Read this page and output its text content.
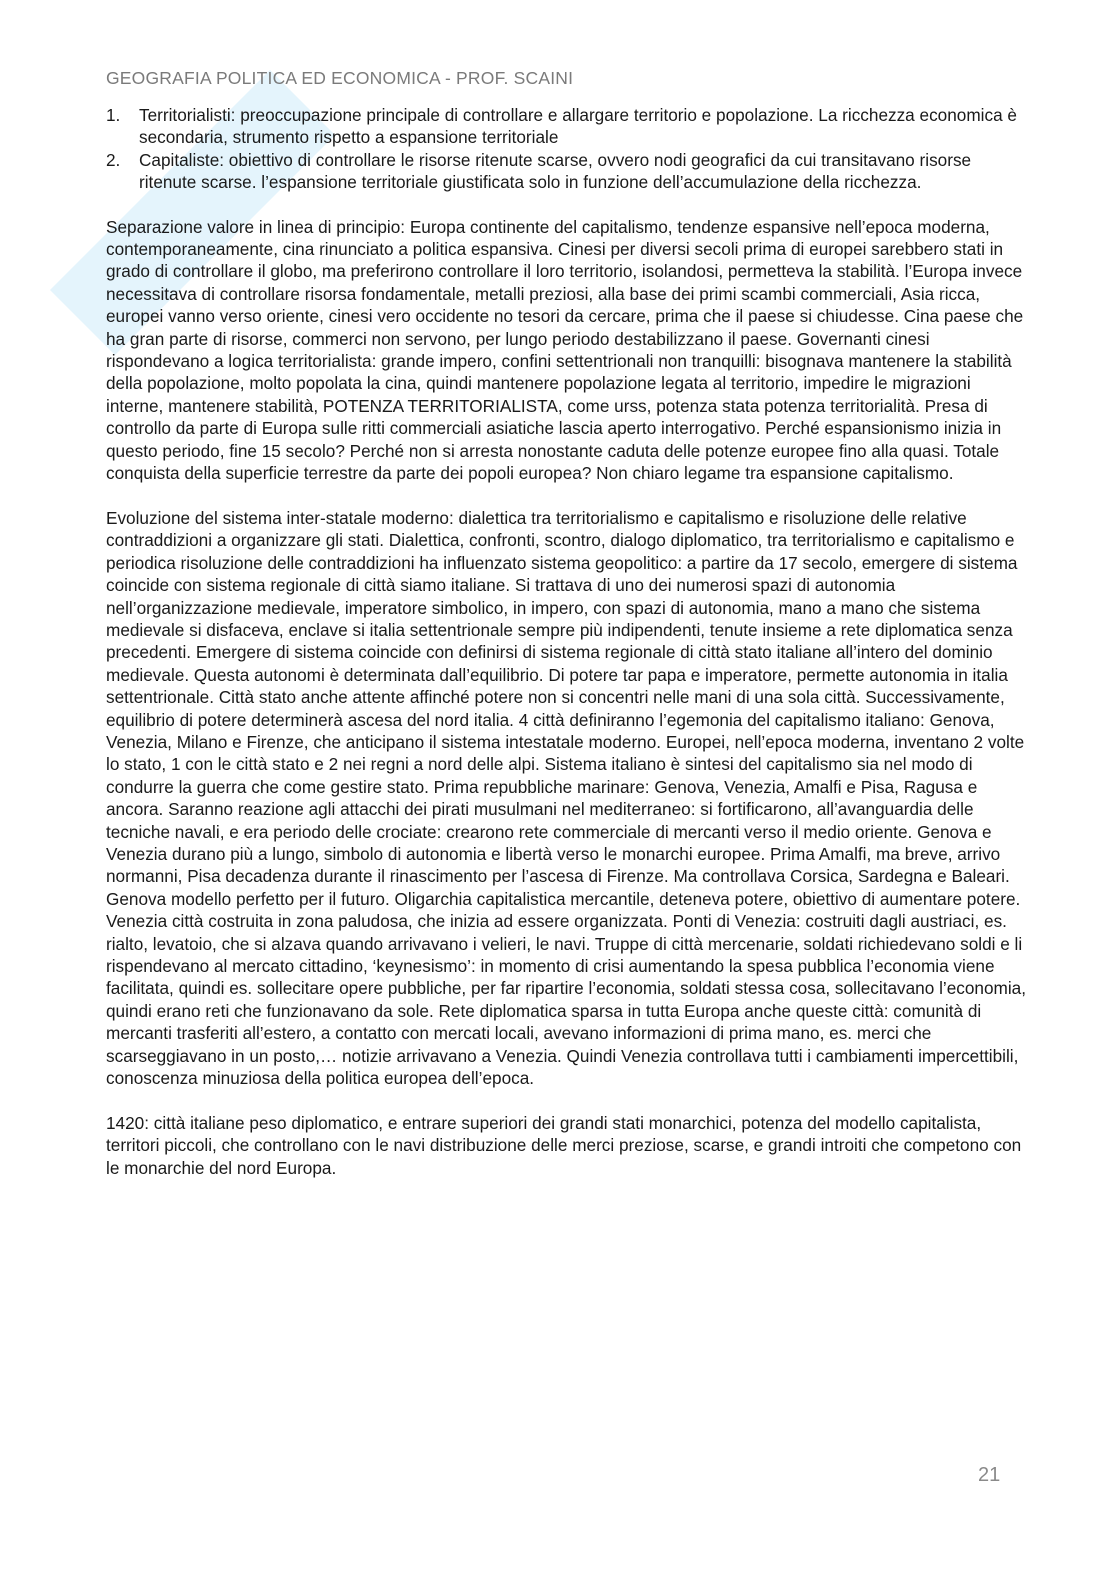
GEOGRAFIA POLITICA ED ECONOMICA - PROF. SCAINI
1. Territorialisti: preoccupazione principale di controllare e allargare territorio e popolazione. La ricchezza economica è secondaria, strumento rispetto a espansione territoriale
2. Capitaliste: obiettivo di controllare le risorse ritenute scarse, ovvero nodi geografici da cui transitavano risorse ritenute scarse. l’espansione territoriale giustificata solo in funzione dell’accumulazione della ricchezza.

Separazione valore in linea di principio: Europa continente del capitalismo, tendenze espansive nell’epoca moderna, contemporaneamente, cina rinunciato a politica espansiva. Cinesi per diversi secoli prima di europei sarebbero stati in grado di controllare il globo, ma preferirono controllare il loro territorio, isolandosi, permetteva la stabilità. l’Europa invece necessitava di controllare risorsa fondamentale, metalli preziosi, alla base dei primi scambi commerciali, Asia ricca, europei vanno verso oriente, cinesi vero occidente no tesori da cercare, prima che il paese si chiudesse. Cina paese che ha gran parte di risorse, commerci non servono, per lungo periodo destabilizzano il paese. Governanti cinesi rispondevano a logica territorialista: grande impero, confini settentrionali non tranquilli: bisognava mantenere la stabilità della popolazione, molto popolata la cina, quindi mantenere popolazione legata al territorio, impedire le migrazioni interne, mantenere stabilità, POTENZA TERRITORIALISTA, come urss, potenza stata potenza territorialità. Presa di controllo da parte di Europa sulle ritti commerciali asiatiche lascia aperto interrogativo. Perché espansionismo inizia in questo periodo, fine 15 secolo? Perché non si arresta nonostante caduta delle potenze europee fino alla quasi. Totale conquista della superficie terrestre da parte dei popoli europea? Non chiaro legame tra espansione capitalismo.

Evoluzione del sistema inter-statale moderno: dialettica tra territorialismo e capitalismo e risoluzione delle relative contraddizioni a organizzare gli stati. Dialettica, confronti, scontro, dialogo diplomatico, tra territorialismo e capitalismo e periodica risoluzione delle contraddizioni ha influenzato sistema geopolitico: a partire da 17 secolo, emergere di sistema coincide con sistema regionale di città siamo italiane. Si trattava di uno dei numerosi spazi di autonomia nell’organizzazione medievale, imperatore simbolico, in impero, con spazi di autonomia, mano a mano che sistema medievale si disfaceva, enclave si italia settentrionale sempre più indipendenti, tenute insieme a rete diplomatica senza precedenti. Emergere di sistema coincide con definirsi di sistema regionale di città stato italiane all’intero del dominio medievale. Questa autonomi è determinata dall’equilibrio. Di potere tar papa e imperatore, permette autonomia in italia settentrionale. Città stato anche attente affinché potere non si concentri nelle mani di una sola città. Successivamente, equilibrio di potere determinerà ascesa del nord italia. 4 città definiranno l’egemonia del capitalismo italiano: Genova, Venezia, Milano e Firenze, che anticipano il sistema intestatale moderno. Europei, nell’epoca moderna, inventano 2 volte lo stato, 1 con le città stato e 2 nei regni a nord delle alpi. Sistema italiano è sintesi del capitalismo sia nel modo di condurre la guerra che come gestire stato. Prima repubbliche marinare: Genova, Venezia, Amalfi e Pisa, Ragusa e ancora. Saranno reazione agli attacchi dei pirati musulmani nel mediterraneo: si fortificarono, all’avanguardia delle tecniche navali, e era periodo delle crociate: crearono rete commerciale di mercanti verso il medio oriente. Genova e Venezia durano più a lungo, simbolo di autonomia e libertà verso le monarchi europee. Prima Amalfi, ma breve, arrivo normanni, Pisa decadenza durante il rinascimento per l’ascesa di Firenze. Ma controllava Corsica, Sardegna e Baleari. Genova modello perfetto per il futuro. Oligarchia capitalistica mercantile, deteneva potere, obiettivo di aumentare potere. Venezia città costruita in zona paludosa, che inizia ad essere organizzata. Ponti di Venezia: costruiti dagli austriaci, es. rialto, levatoio, che si alzava quando arrivavano i velieri, le navi. Truppe di città mercenarie, soldati richiedevano soldi e li rispendevano al mercato cittadino, ‘keynesismo’: in momento di crisi aumentando la spesa pubblica l’economia viene facilitata, quindi es. sollecitare opere pubbliche, per far ripartire l’economia, soldati stessa cosa, sollecitavano l’economia, quindi erano reti che funzionavano da sole. Rete diplomatica sparsa in tutta Europa anche queste città: comunità di mercanti trasferiti all’estero, a contatto con mercati locali, avevano informazioni di prima mano, es. merci che scarseggiavano in un posto,… notizie arrivavano a Venezia. Quindi Venezia controllava tutti i cambiamenti impercettibili, conoscenza minuziosa della politica europea dell’epoca.

1420: città italiane peso diplomatico, e entrare superiori dei grandi stati monarchici, potenza del modello capitalista, territori piccoli, che controllano con le navi distribuzione delle merci preziose, scarse, e grandi introiti che competono con le monarchie del nord Europa.

21
